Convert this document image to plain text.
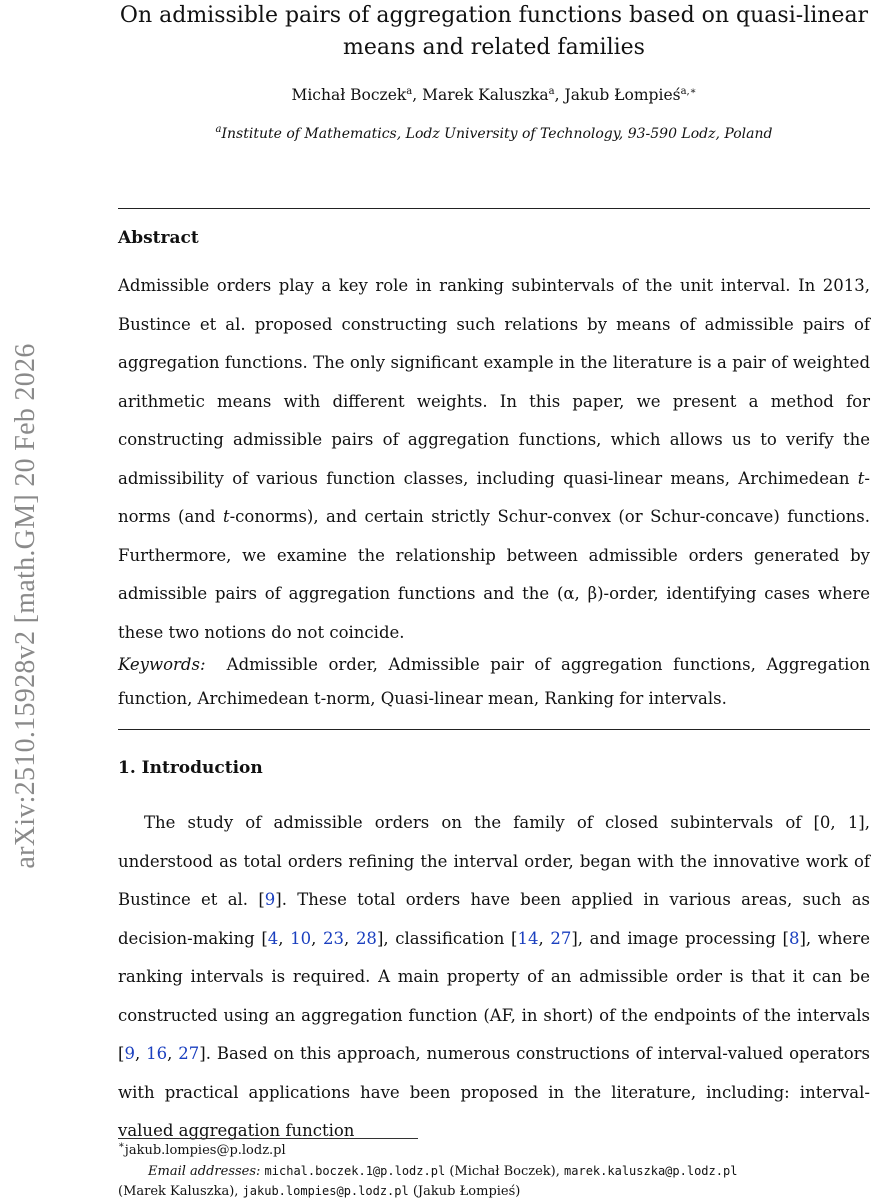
arXiv:2510.15928v2 [math.GM] 20 Feb 2026
On admissible pairs of aggregation functions based on quasi-linear
means and related families
Michał Boczek$^a$, Marek Kaluszka$^a$, Jakub Łompieś$^{a,∗}$
$^a$Institute of Mathematics, Lodz University of Technology, 93-590 Lodz, Poland
Abstract
Admissible orders play a key role in ranking subintervals of the unit interval. In 2013, Bustince et al. proposed constructing such relations by means of admissible pairs of aggregation functions. The only significant example in the literature is a pair of weighted arithmetic means with different weights. In this paper, we present a method for constructing admissible pairs of aggregation functions, which allows us to verify the admissibility of various function classes, including quasi-linear means, Archimedean t-norms (and t-conorms), and certain strictly Schur-convex (or Schur-concave) functions. Furthermore, we examine the relationship between admissible orders generated by admissible pairs of aggregation functions and the (α, β)-order, identifying cases where these two notions do not coincide.
Keywords: Admissible order, Admissible pair of aggregation functions, Aggregation function, Archimedean t-norm, Quasi-linear mean, Ranking for intervals.
1. Introduction
The study of admissible orders on the family of closed subintervals of [0, 1], understood as total orders refining the interval order, began with the innovative work of Bustince et al. [9]. These total orders have been applied in various areas, such as decision-making [4, 10, 23, 28], classification [14, 27], and image processing [8], where ranking intervals is required. A main property of an admissible order is that it can be constructed using an aggregation function (AF, in short) of the endpoints of the intervals [9, 16, 27]. Based on this approach, numerous constructions of interval-valued operators with practical applications have been proposed in the literature, including: interval-valued aggregation function
∗jakub.lompies@p.lodz.pl
Email addresses: michal.boczek.1@p.lodz.pl (Michał Boczek), marek.kaluszka@p.lodz.pl
(Marek Kaluszka), jakub.lompies@p.lodz.pl (Jakub Łompieś)
